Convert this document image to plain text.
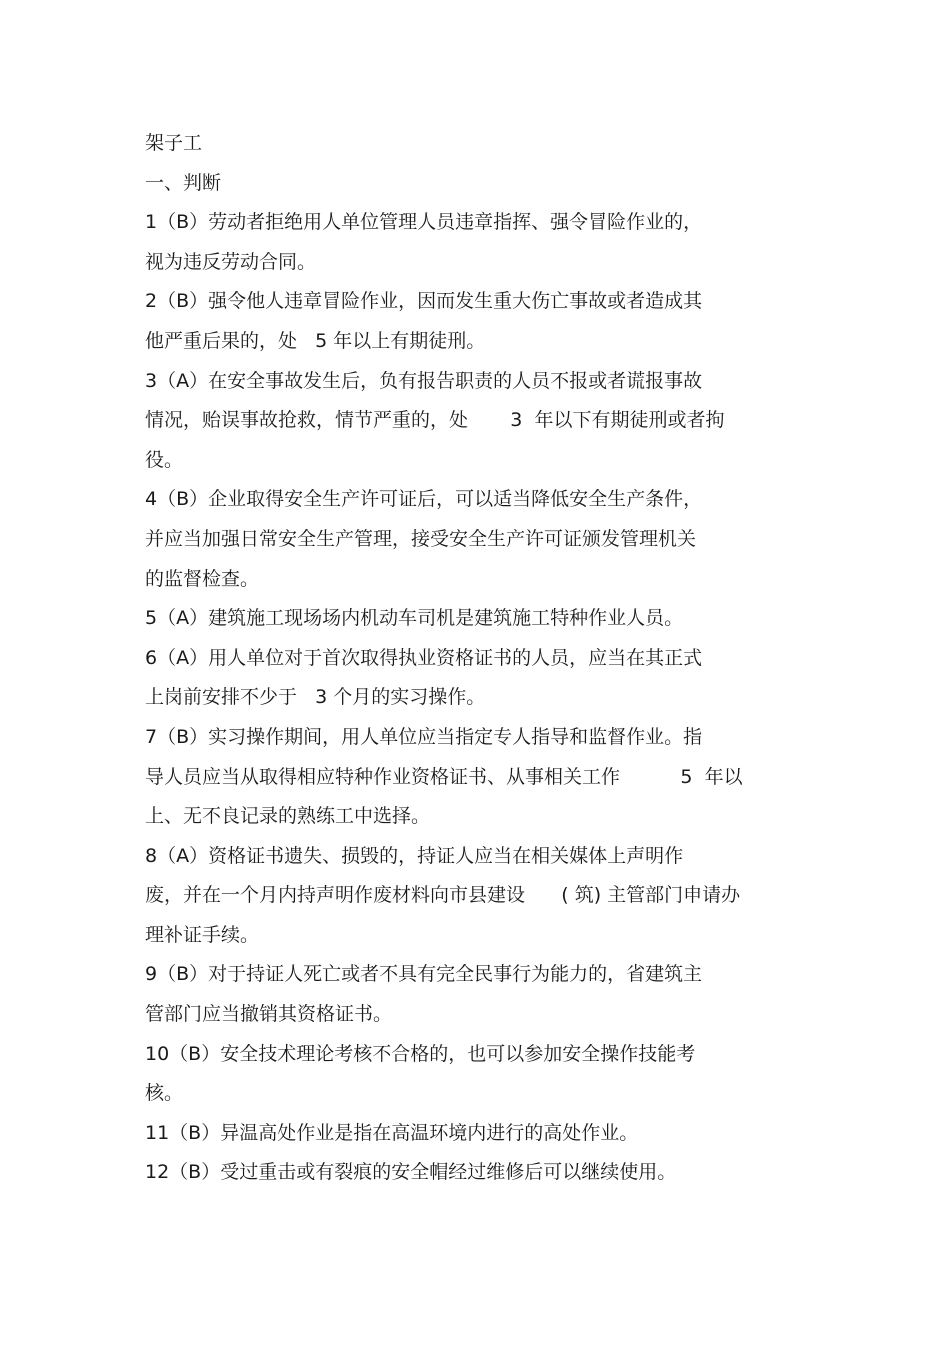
架子工
一、判断
1（B）劳动者拒绝用人单位管理人员违章指挥、强令冒险作业的，
视为违反劳动合同。
2（B）强令他人违章冒险作业，因而发生重大伤亡事故或者造成其
他严重后果的，处   5 年以上有期徒刑。
3（A）在安全事故发生后，负有报告职责的人员不报或者谎报事故
情况，贻误事故抢救，情节严重的，处       3  年以下有期徒刑或者拘
役。
4（B）企业取得安全生产许可证后，可以适当降低安全生产条件，
并应当加强日常安全生产管理，接受安全生产许可证颁发管理机关
的监督检查。
5（A）建筑施工现场场内机动车司机是建筑施工特种作业人员。
6（A）用人单位对于首次取得执业资格证书的人员，应当在其正式
上岗前安排不少于   3 个月的实习操作。
7（B）实习操作期间，用人单位应当指定专人指导和监督作业。指
导人员应当从取得相应特种作业资格证书、从事相关工作          5  年以
上、无不良记录的熟练工中选择。
8（A）资格证书遗失、损毁的，持证人应当在相关媒体上声明作
废，并在一个月内持声明作废材料向市县建设      ( 筑) 主管部门申请办
理补证手续。
9（B）对于持证人死亡或者不具有完全民事行为能力的，省建筑主
管部门应当撤销其资格证书。
10（B）安全技术理论考核不合格的，也可以参加安全操作技能考
核。
11（B）异温高处作业是指在高温环境内进行的高处作业。
12（B）受过重击或有裂痕的安全帽经过维修后可以继续使用。
